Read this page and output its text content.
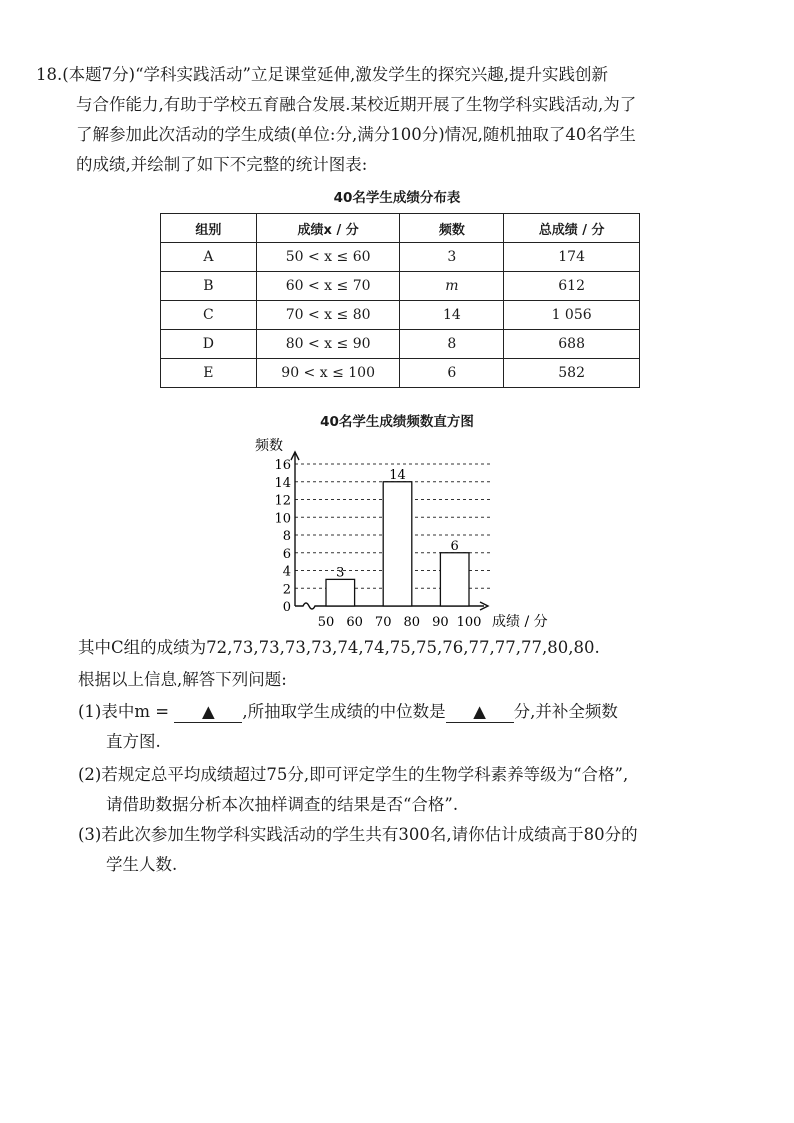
18.(本题7分)“学科实践活动”立足课堂延伸,激发学生的探究兴趣,提升实践创新
与合作能力,有助于学校五育融合发展.某校近期开展了生物学科实践活动,为了
了解参加此次活动的学生成绩(单位:分,满分100分)情况,随机抽取了40名学生
的成绩,并绘制了如下不完整的统计图表:
40名学生成绩分布表
组别	成绩x / 分	频数	总成绩 / 分
A	50 < x ≤ 60	3	174
B	60 < x ≤ 70	m	612
C	70 < x ≤ 80	14	1 056
D	80 < x ≤ 90	8	688
E	90 < x ≤ 100	6	582
40名学生成绩频数直方图
0
2
4
6
8
10
12
14
16
频数
3
14
6
50 60 70 80 90 100 成绩 / 分
其中C组的成绩为72,73,73,73,73,74,74,75,75,76,77,77,77,80,80.
根据以上信息,解答下列问题:
(1)表中m = ▲ ,所抽取学生成绩的中位数是 ▲ 分,并补全频数
直方图.
(2)若规定总平均成绩超过75分,即可评定学生的生物学科素养等级为“合格”,
请借助数据分析本次抽样调查的结果是否“合格”.
(3)若此次参加生物学科实践活动的学生共有300名,请你估计成绩高于80分的
学生人数.
